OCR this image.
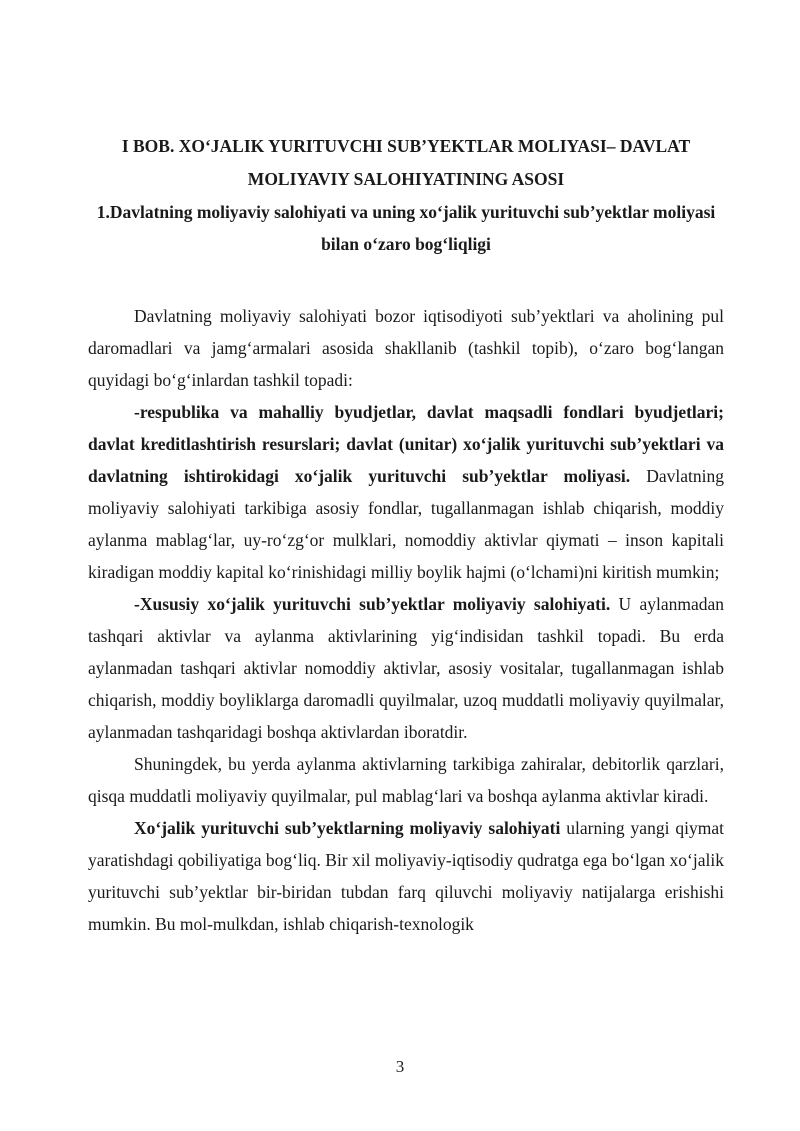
I BOB. XO‘JALIK YURITUVCHI SUB’YEKTLAR MOLIYASI– DAVLAT MOLIYAVIY SALOHIYATINING ASOSI
1.Davlatning moliyaviy salohiyati va uning xo‘jalik yurituvchi sub’yektlar moliyasi bilan o‘zaro bog‘liqligi

Davlatning moliyaviy salohiyati bozor iqtisodiyoti sub’yektlari va aholining pul daromadlari va jamg‘armalari asosida shakllanib (tashkil topib), o‘zaro bog‘langan quyidagi bo‘g‘inlardan tashkil topadi:

-respublika va mahalliy byudjetlar, davlat maqsadli fondlari byudjetlari; davlat kreditlashtirish resurslari; davlat (unitar) xo‘jalik yurituvchi sub’yektlari va davlatning ishtirokidagi xo‘jalik yurituvchi sub’yektlar moliyasi. Davlatning moliyaviy salohiyati tarkibiga asosiy fondlar, tugallanmagan ishlab chiqarish, moddiy aylanma mablag‘lar, uy-ro‘zg‘or mulklari, nomoddiy aktivlar qiymati – inson kapitali kiradigan moddiy kapital ko‘rinishidagi milliy boylik hajmi (o‘lchami)ni kiritish mumkin;

-Xususiy xo‘jalik yurituvchi sub’yektlar moliyaviy salohiyati. U aylanmadan tashqari aktivlar va aylanma aktivlarining yig‘indisidan tashkil topadi. Bu erda aylanmadan tashqari aktivlar nomoddiy aktivlar, asosiy vositalar, tugallanmagan ishlab chiqarish, moddiy boyliklarga daromadli quyilmalar, uzoq muddatli moliyaviy quyilmalar, aylanmadan tashqaridagi boshqa aktivlardan iboratdir.

Shuningdek, bu yerda aylanma aktivlarning tarkibiga zahiralar, debitorlik qarzlari, qisqa muddatli moliyaviy quyilmalar, pul mablag‘lari va boshqa aylanma aktivlar kiradi.

Xo‘jalik yurituvchi sub’yektlarning moliyaviy salohiyati ularning yangi qiymat yaratishdagi qobiliyatiga bog‘liq. Bir xil moliyaviy-iqtisodiy qudratga ega bo‘lgan xo‘jalik yurituvchi sub’yektlar bir-biridan tubdan farq qiluvchi moliyaviy natijalarga erishishi mumkin. Bu mol-mulkdan, ishlab chiqarish-texnologik

3
